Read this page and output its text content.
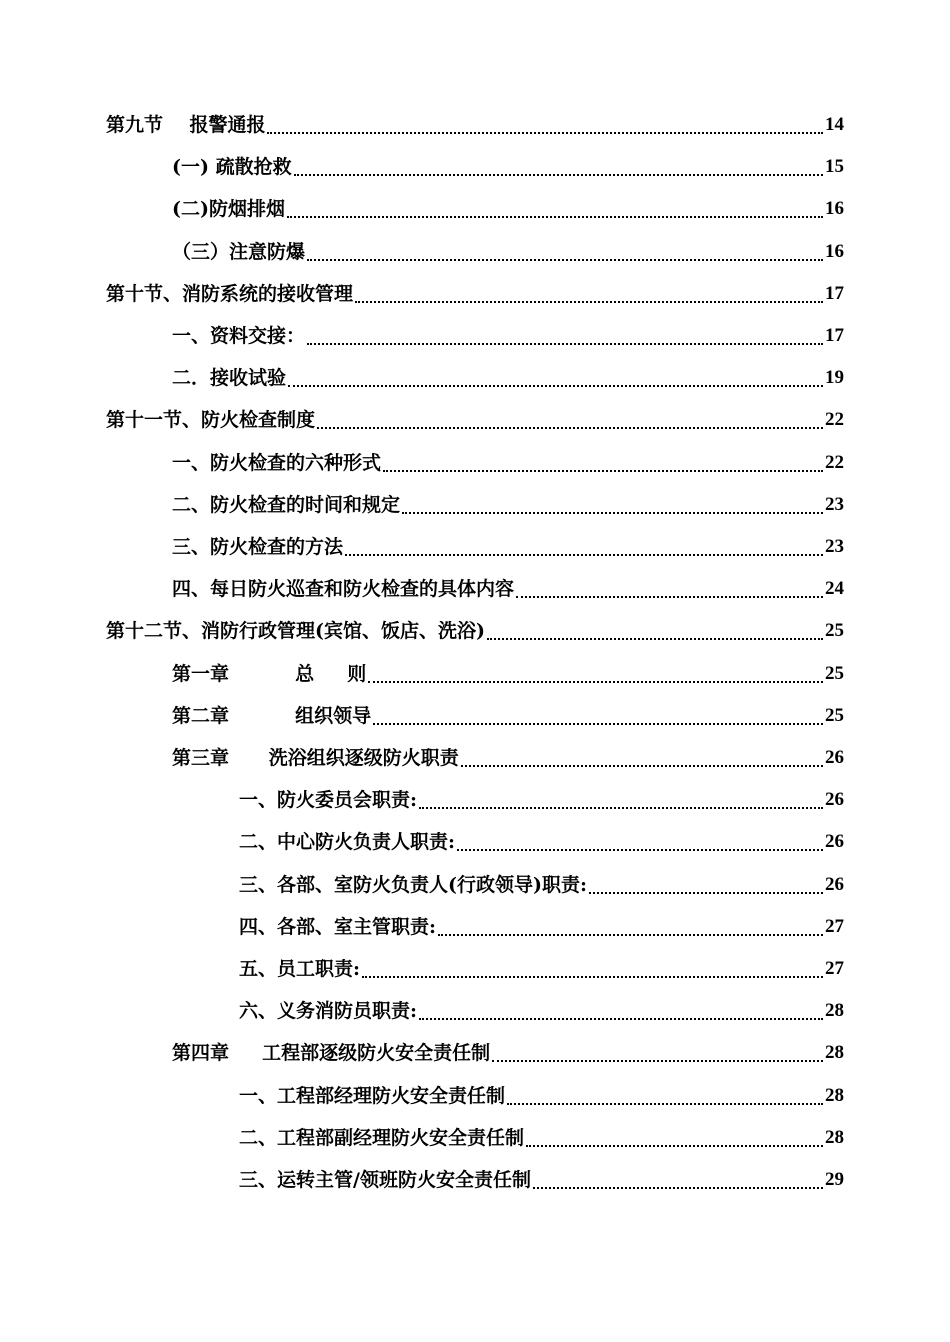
第九节    报警通报	14
(一) 疏散抢救	15
(二)防烟排烟	16
（三）注意防爆	16
第十节、消防系统的接收管理	17
一、资料交接：	17
二．接收试验	19
第十一节、防火检查制度	22
一、防火检查的六种形式	22
二、防火检查的时间和规定	23
三、防火检查的方法	23
四、每日防火巡查和防火检查的具体内容	24
第十二节、消防行政管理(宾馆、饭店、洗浴)	25
第一章          总     则	25
第二章          组织领导	25
第三章      洗浴组织逐级防火职责	26
一、防火委员会职责:	26
二、中心防火负责人职责:	26
三、各部、室防火负责人(行政领导)职责:	26
四、各部、室主管职责:	27
五、员工职责:	27
六、义务消防员职责:	28
第四章     工程部逐级防火安全责任制	28
一、工程部经理防火安全责任制	28
二、工程部副经理防火安全责任制	28
三、运转主管/领班防火安全责任制	29
